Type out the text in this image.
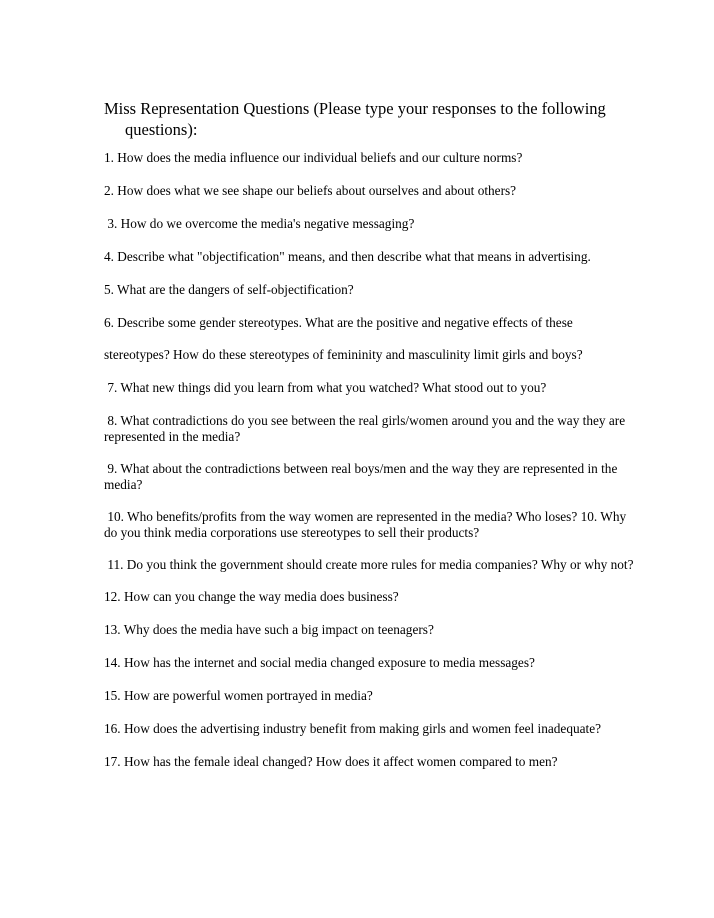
Miss Representation Questions (Please type your responses to the following questions):

1. How does the media influence our individual beliefs and our culture norms?

2. How does what we see shape our beliefs about ourselves and about others?

3. How do we overcome the media's negative messaging?

4. Describe what "objectification" means, and then describe what that means in advertising.

5. What are the dangers of self-objectification?

6. Describe some gender stereotypes. What are the positive and negative effects of these

stereotypes? How do these stereotypes of femininity and masculinity limit girls and boys?

7. What new things did you learn from what you watched? What stood out to you?

8. What contradictions do you see between the real girls/women around you and the way they are represented in the media?

9. What about the contradictions between real boys/men and the way they are represented in the media?

10. Who benefits/profits from the way women are represented in the media? Who loses? 10. Why do you think media corporations use stereotypes to sell their products?

11. Do you think the government should create more rules for media companies? Why or why not?

12. How can you change the way media does business?

13. Why does the media have such a big impact on teenagers?

14. How has the internet and social media changed exposure to media messages?

15. How are powerful women portrayed in media?

16. How does the advertising industry benefit from making girls and women feel inadequate?

17. How has the female ideal changed? How does it affect women compared to men?
